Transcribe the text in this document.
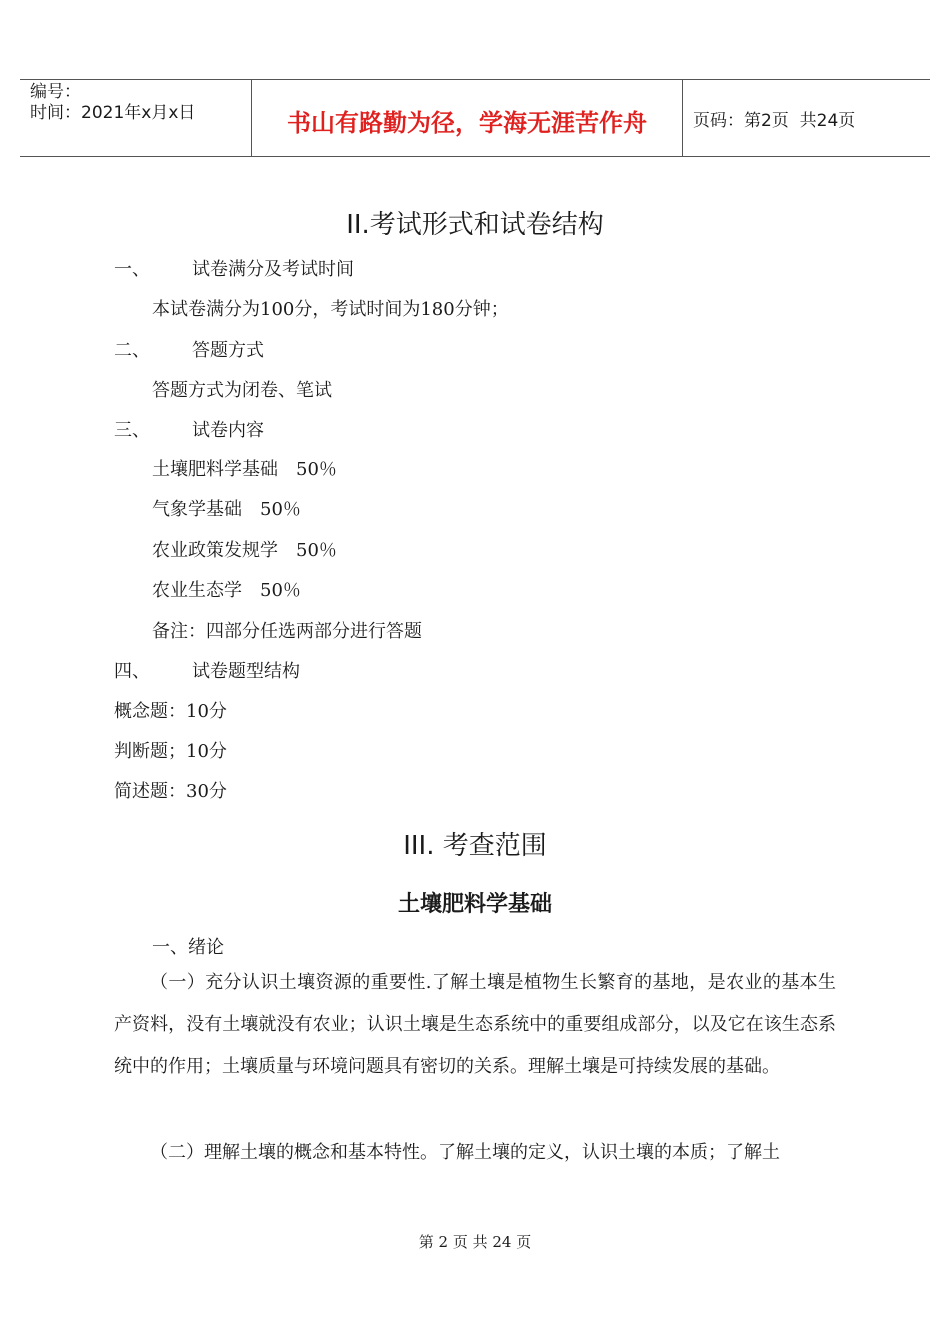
编号：
时间：2021年x月x日	书山有路勤为径，学海无涯苦作舟	页码：第2页  共24页
II.考试形式和试卷结构
一、 试卷满分及考试时间
本试卷满分为100分，考试时间为180分钟；
二、 答题方式
答题方式为闭卷、笔试
三、 试卷内容
土壤肥料学基础　50％
气象学基础　50％
农业政策发规学　50％
农业生态学　50％
备注：四部分任选两部分进行答题
四、 试卷题型结构
概念题：10分
判断题；10分
简述题：30分
III. 考查范围
土壤肥料学基础
一、绪论
（一）充分认识土壤资源的重要性.了解土壤是植物生长繁育的基地，是农业的基本生产资料，没有土壤就没有农业；认识土壤是生态系统中的重要组成部分，以及它在该生态系统中的作用；土壤质量与环境问题具有密切的关系。理解土壤是可持续发展的基础。
（二）理解土壤的概念和基本特性。了解土壤的定义，认识土壤的本质；了解土
第 2 页 共 24 页
